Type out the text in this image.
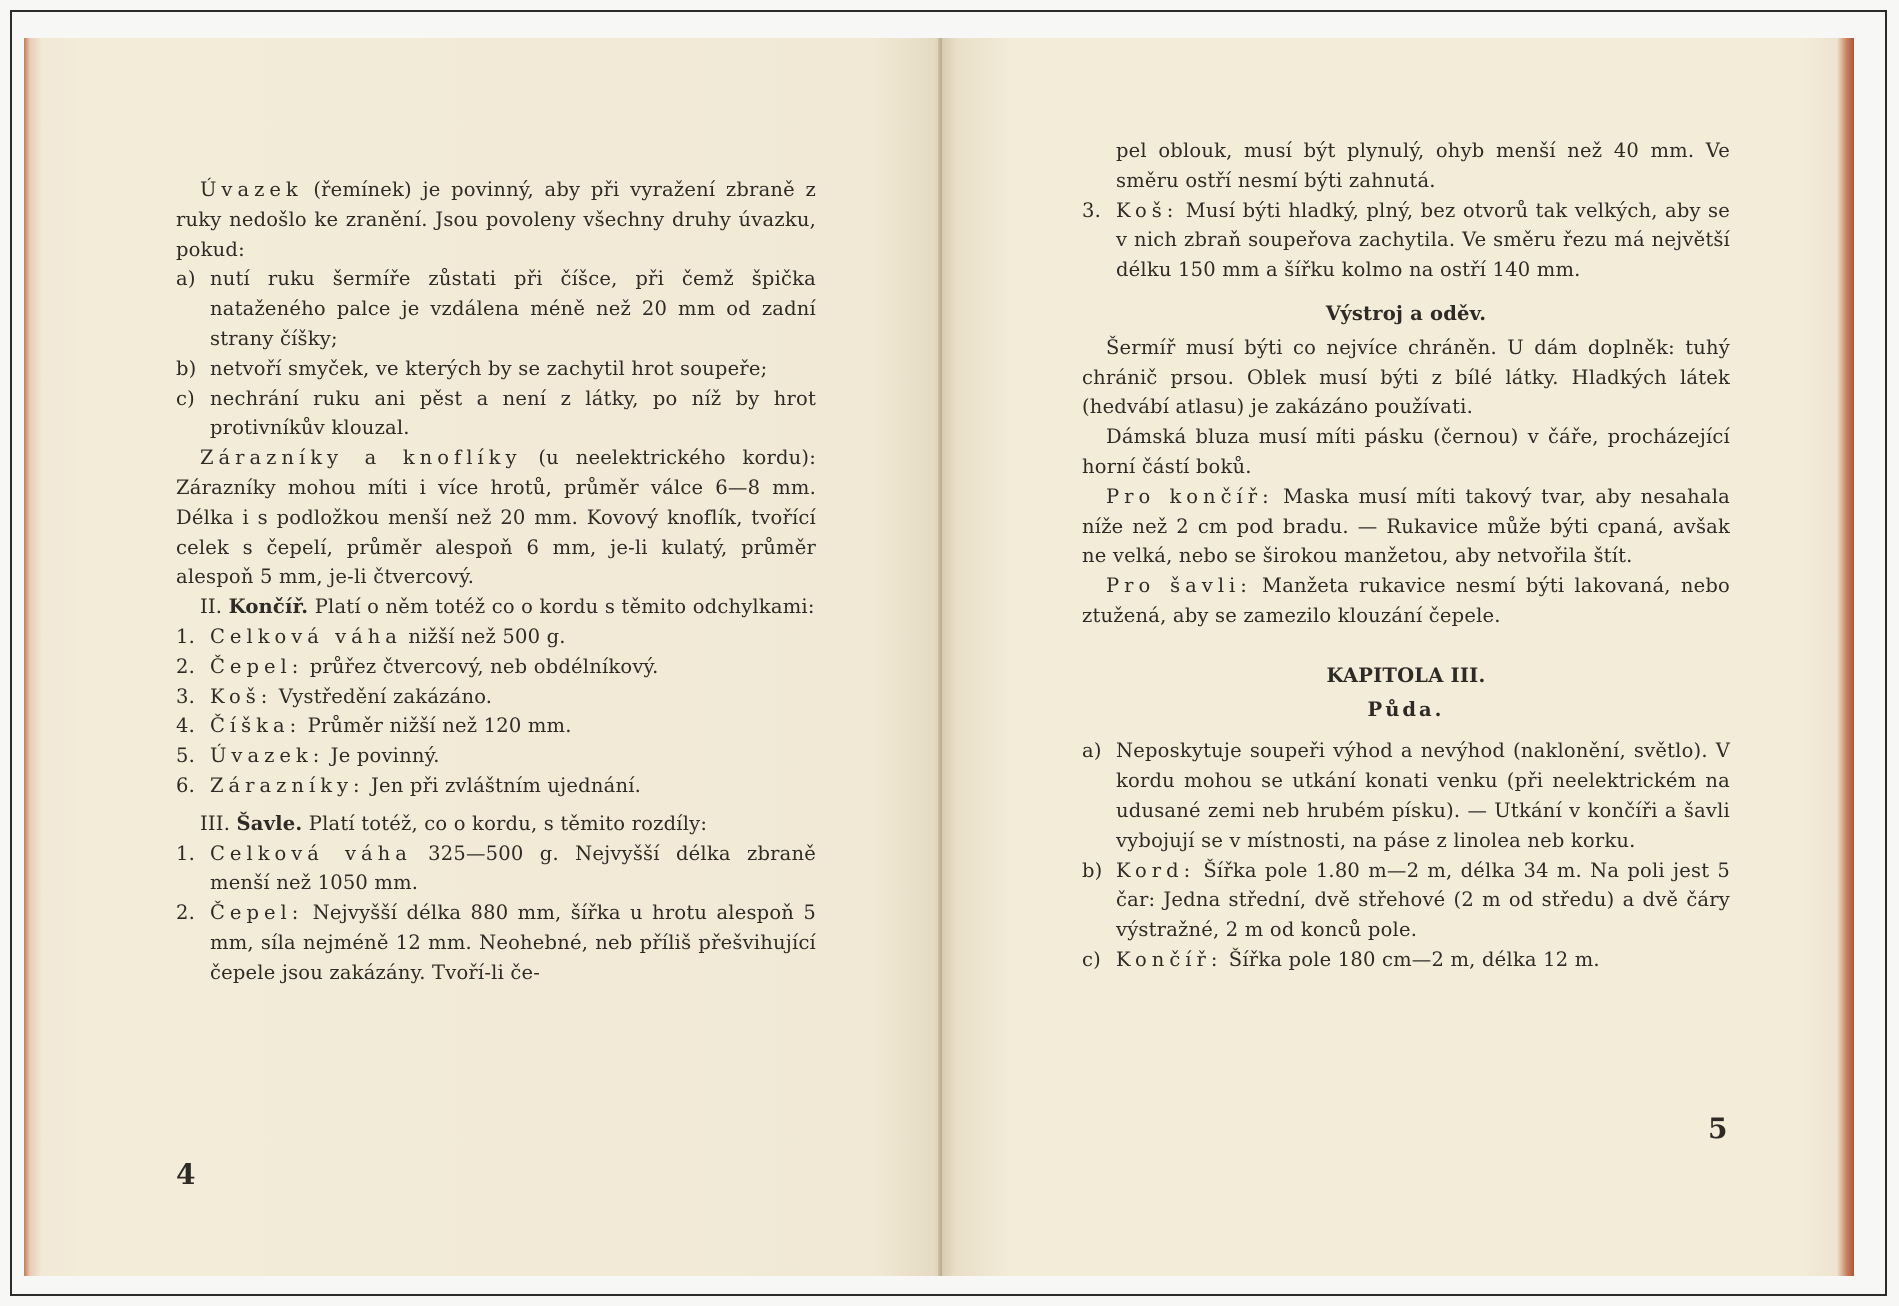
Úvazek (řemínek) je povinný, aby při vyražení zbraně z ruky nedošlo ke zranění. Jsou povoleny všechny druhy úvazku, pokud:

a) nutí ruku šermíře zůstati při číšce, při čemž špička nataženého palce je vzdálena méně než 20 mm od zadní strany číšky;
b) netvoří smyček, ve kterých by se zachytil hrot soupeře;
c) nechrání ruku ani pěst a není z látky, po níž by hrot protivníkův klouzal.

Zárazníky a knoflíky (u neelektrického kordu): Zárazníky mohou míti i více hrotů, průměr válce 6—8 mm. Délka i s podložkou menší než 20 mm. Kovový knoflík, tvořící celek s čepelí, průměr alespoň 6 mm, je-li kulatý, průměr alespoň 5 mm, je-li čtvercový.

II. Končíř. Platí o něm totéž co o kordu s těmito odchylkami:

1. Celková váha nižší než 500 g.
2. Čepel: průřez čtvercový, neb obdélníkový.
3. Koš: Vystředění zakázáno.
4. Číška: Průměr nižší než 120 mm.
5. Úvazek: Je povinný.
6. Zárazníky: Jen při zvláštním ujednání.

III. Šavle. Platí totéž, co o kordu, s těmito rozdíly:

1. Celková váha 325—500 g. Nejvyšší délka zbraně menší než 1050 mm.
2. Čepel: Nejvyšší délka 880 mm, šířka u hrotu alespoň 5 mm, síla nejméně 12 mm. Neohebné, neb příliš přešvihující čepele jsou zakázány. Tvoří-li če-
4
pel oblouk, musí být plynulý, ohyb menší než 40 mm. Ve směru ostří nesmí býti zahnutá.
3. Koš: Musí býti hladký, plný, bez otvorů tak velkých, aby se v nich zbraň soupeřova zachytila. Ve směru řezu má největší délku 150 mm a šířku kolmo na ostří 140 mm.
Výstroj a oděv.

Šermíř musí býti co nejvíce chráněn. U dám doplněk: tuhý chránič prsou. Oblek musí býti z bílé látky. Hladkých látek (hedvábí atlasu) je zakázáno používati.

Dámská bluza musí míti pásku (černou) v čáře, procházející horní částí boků.

Pro končíř: Maska musí míti takový tvar, aby nesahala níže než 2 cm pod bradu. — Rukavice může býti cpaná, avšak ne velká, nebo se širokou manžetou, aby netvořila štít.

Pro šavli: Manžeta rukavice nesmí býti lakovaná, nebo ztužená, aby se zamezilo klouzání čepele.

KAPITOLA III.
Půda.
a) Neposkytuje soupeři výhod a nevýhod (naklonění, světlo). V kordu mohou se utkání konati venku (při neelektrickém na udusané zemi neb hrubém písku). — Utkání v končíři a šavli vybojují se v místnosti, na páse z linolea neb korku.
b) Kord: Šířka pole 1.80 m—2 m, délka 34 m. Na poli jest 5 čar: Jedna střední, dvě střehové (2 m od středu) a dvě čáry výstražné, 2 m od konců pole.
c) Končíř: Šířka pole 180 cm—2 m, délka 12 m.
5
